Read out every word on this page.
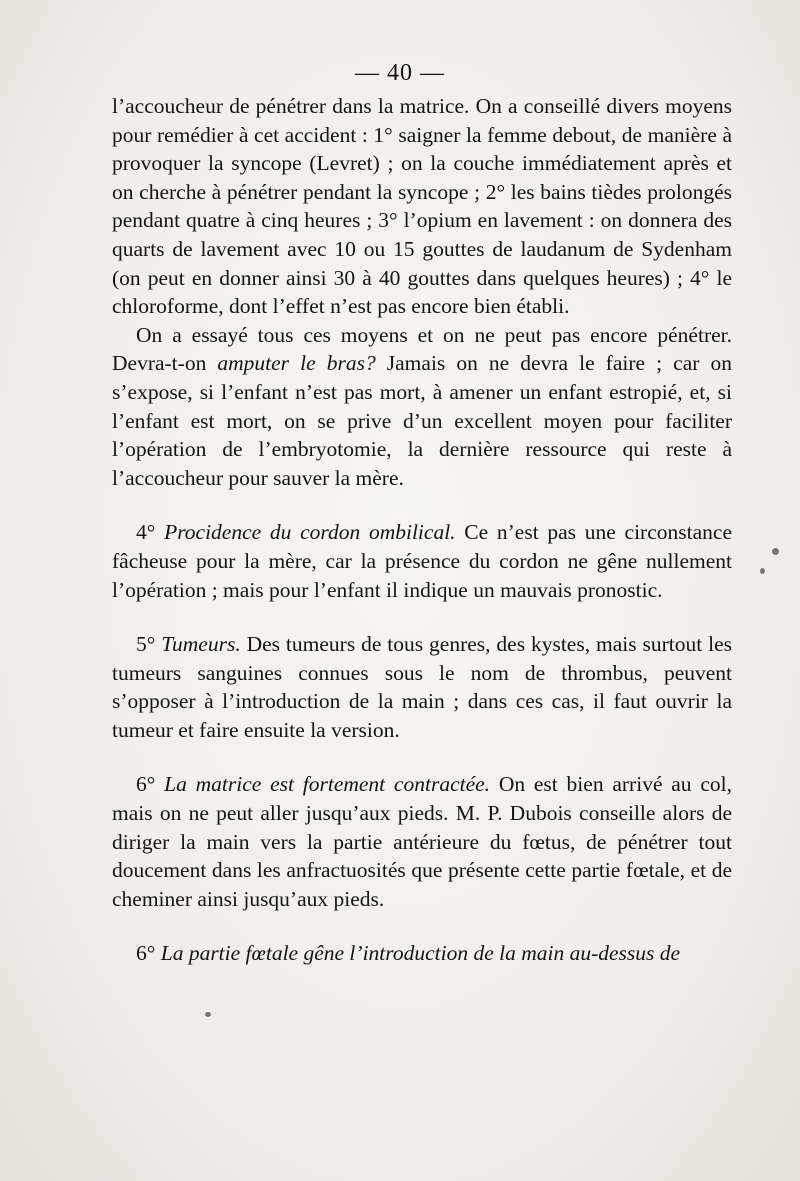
— 40 —

l’accoucheur de pénétrer dans la matrice. On a conseillé divers moyens pour remédier à cet accident : 1° saigner la femme debout, de manière à provoquer la syncope (Levret) ; on la couche immédiatement après et on cherche à pénétrer pendant la syncope ; 2° les bains tièdes prolongés pendant quatre à cinq heures ; 3° l’opium en lavement : on donnera des quarts de lavement avec 10 ou 15 gouttes de laudanum de Sydenham (on peut en donner ainsi 30 à 40 gouttes dans quelques heures) ; 4° le chloroforme, dont l’effet n’est pas encore bien établi.

On a essayé tous ces moyens et on ne peut pas encore pénétrer. Devra-t-on amputer le bras? Jamais on ne devra le faire ; car on s’expose, si l’enfant n’est pas mort, à amener un enfant estropié, et, si l’enfant est mort, on se prive d’un excellent moyen pour faciliter l’opération de l’embryotomie, la dernière ressource qui reste à l’accoucheur pour sauver la mère.

4° Procidence du cordon ombilical. Ce n’est pas une circonstance fâcheuse pour la mère, car la présence du cordon ne gêne nullement l’opération ; mais pour l’enfant il indique un mauvais pronostic.

5° Tumeurs. Des tumeurs de tous genres, des kystes, mais surtout les tumeurs sanguines connues sous le nom de thrombus, peuvent s’opposer à l’introduction de la main ; dans ces cas, il faut ouvrir la tumeur et faire ensuite la version.

6° La matrice est fortement contractée. On est bien arrivé au col, mais on ne peut aller jusqu’aux pieds. M. P. Dubois conseille alors de diriger la main vers la partie antérieure du fœtus, de pénétrer tout doucement dans les anfractuosités que présente cette partie fœtale, et de cheminer ainsi jusqu’aux pieds.

6° La partie fœtale gêne l’introduction de la main au-dessus de
